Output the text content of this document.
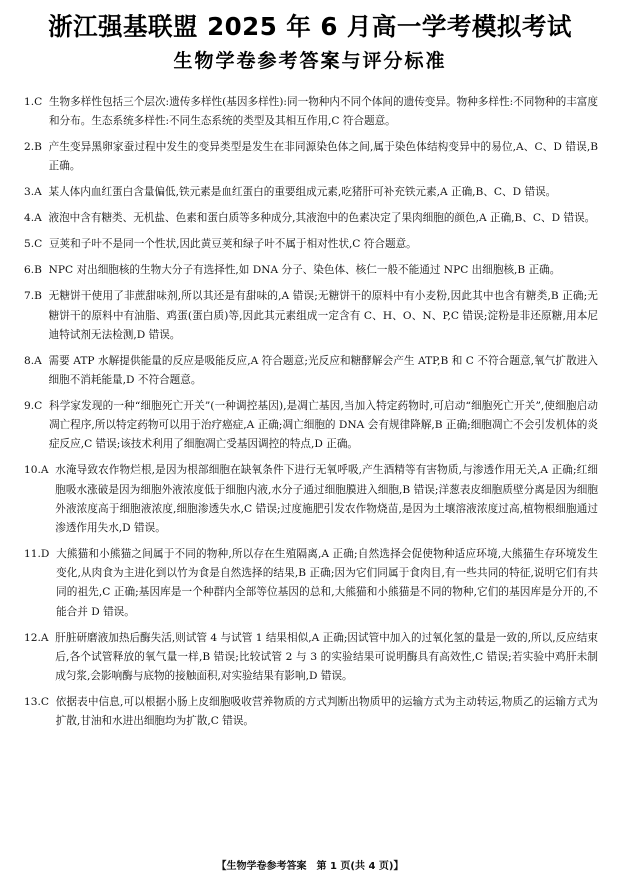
浙江强基联盟 2025 年 6 月高一学考模拟考试
生物学卷参考答案与评分标准
1.C 生物多样性包括三个层次:遗传多样性(基因多样性):同一物种内不同个体间的遗传变异。物种多样性:不同物种的丰富度和分布。生态系统多样性:不同生态系统的类型及其相互作用,C 符合题意。
2.B 产生变异黑卵家蚕过程中发生的变异类型是发生在非同源染色体之间,属于染色体结构变异中的易位,A、C、D 错误,B 正确。
3.A 某人体内血红蛋白含量偏低,铁元素是血红蛋白的重要组成元素,吃猪肝可补充铁元素,A 正确,B、C、D 错误。
4.A 液泡中含有糖类、无机盐、色素和蛋白质等多种成分,其液泡中的色素决定了果肉细胞的颜色,A 正确,B、C、D 错误。
5.C 豆荚和子叶不是同一个性状,因此黄豆荚和绿子叶不属于相对性状,C 符合题意。
6.B NPC 对出细胞核的生物大分子有选择性,如 DNA 分子、染色体、核仁一般不能通过 NPC 出细胞核,B 正确。
7.B 无糖饼干使用了非蔗甜味剂,所以其还是有甜味的,A 错误;无糖饼干的原料中有小麦粉,因此其中也含有糖类,B 正确;无糖饼干的原料中有油脂、鸡蛋(蛋白质)等,因此其元素组成一定含有 C、H、O、N、P,C 错误;淀粉是非还原糖,用本尼迪特试剂无法检测,D 错误。
8.A 需要 ATP 水解提供能量的反应是吸能反应,A 符合题意;光反应和糖酵解会产生 ATP,B 和 C 不符合题意,氧气扩散进入细胞不消耗能量,D 不符合题意。
9.C 科学家发现的一种“细胞死亡开关”(一种调控基因),是凋亡基因,当加入特定药物时,可启动“细胞死亡开关”,使细胞启动凋亡程序,所以特定药物可以用于治疗癌症,A 正确;凋亡细胞的 DNA 会有规律降解,B 正确;细胞凋亡不会引发机体的炎症反应,C 错误;该技术利用了细胞凋亡受基因调控的特点,D 正确。
10.A 水淹导致农作物烂根,是因为根部细胞在缺氧条件下进行无氧呼吸,产生酒精等有害物质,与渗透作用无关,A 正确;红细胞吸水涨破是因为细胞外液浓度低于细胞内液,水分子通过细胞膜进入细胞,B 错误;洋葱表皮细胞质壁分离是因为细胞外液浓度高于细胞液浓度,细胞渗透失水,C 错误;过度施肥引发农作物烧苗,是因为土壤溶液浓度过高,植物根细胞通过渗透作用失水,D 错误。
11.D 大熊猫和小熊猫之间属于不同的物种,所以存在生殖隔离,A 正确;自然选择会促使物种适应环境,大熊猫生存环境发生变化,从肉食为主进化到以竹为食是自然选择的结果,B 正确;因为它们同属于食肉目,有一些共同的特征,说明它们有共同的祖先,C 正确;基因库是一个种群内全部等位基因的总和,大熊猫和小熊猫是不同的物种,它们的基因库是分开的,不能合并 D 错误。
12.A 肝脏研磨液加热后酶失活,则试管 4 与试管 1 结果相似,A 正确;因试管中加入的过氧化氢的量是一致的,所以,反应结束后,各个试管释放的氧气量一样,B 错误;比较试管 2 与 3 的实验结果可说明酶具有高效性,C 错误;若实验中鸡肝未制成匀浆,会影响酶与底物的接触面积,对实验结果有影响,D 错误。
13.C 依据表中信息,可以根据小肠上皮细胞吸收营养物质的方式判断出物质甲的运输方式为主动转运,物质乙的运输方式为扩散,甘油和水进出细胞均为扩散,C 错误。
【生物学卷参考答案　第 1 页(共 4 页)】
